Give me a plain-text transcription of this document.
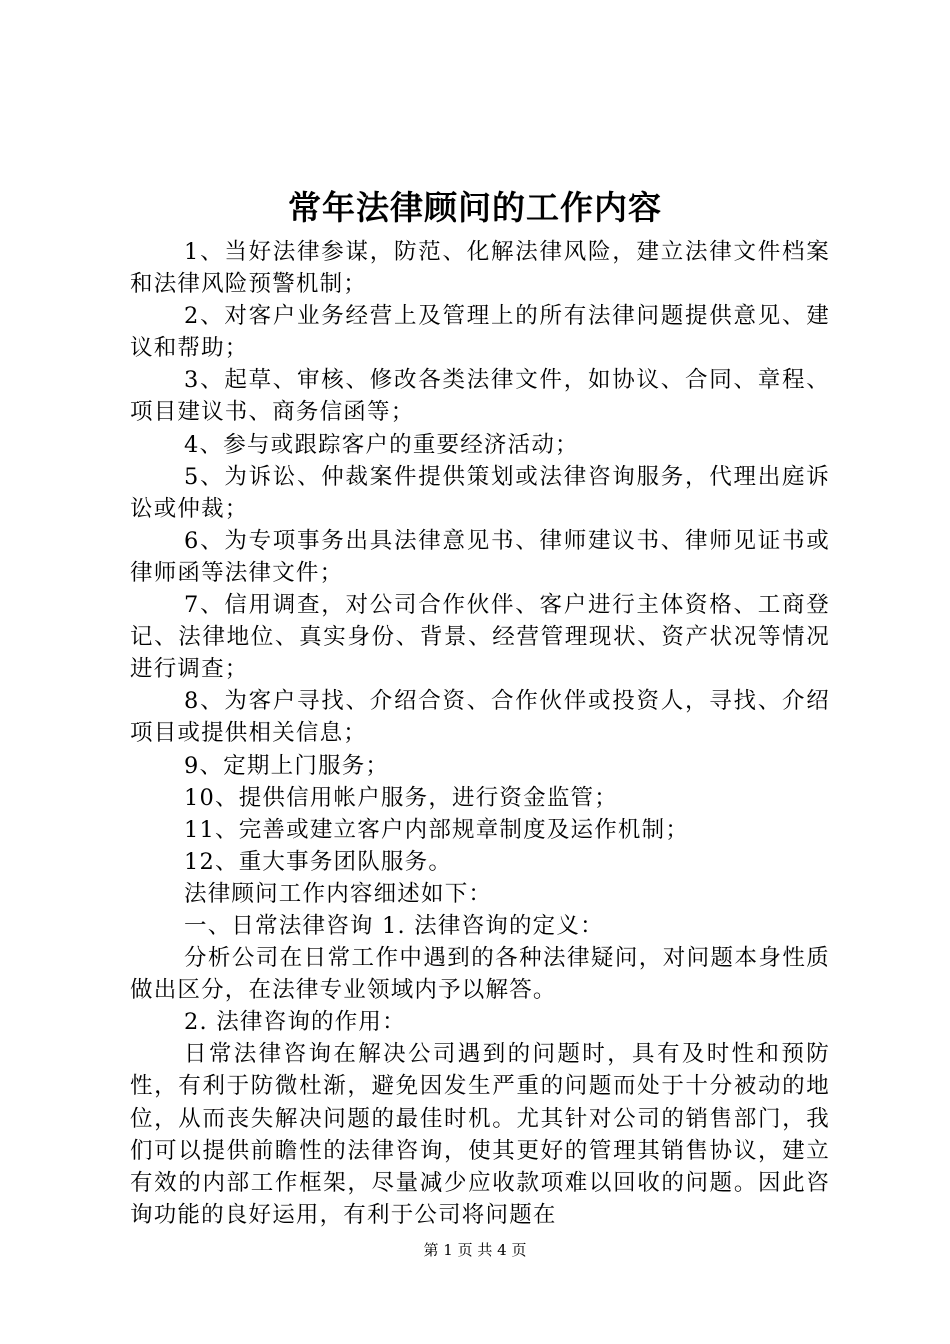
常年法律顾问的工作内容

1、当好法律参谋，防范、化解法律风险，建立法律文件档案和法律风险预警机制；

2、对客户业务经营上及管理上的所有法律问题提供意见、建议和帮助；

3、起草、审核、修改各类法律文件，如协议、合同、章程、项目建议书、商务信函等；

4、参与或跟踪客户的重要经济活动；

5、为诉讼、仲裁案件提供策划或法律咨询服务，代理出庭诉讼或仲裁；

6、为专项事务出具法律意见书、律师建议书、律师见证书或律师函等法律文件；

7、信用调查，对公司合作伙伴、客户进行主体资格、工商登记、法律地位、真实身份、背景、经营管理现状、资产状况等情况进行调查；

8、为客户寻找、介绍合资、合作伙伴或投资人，寻找、介绍项目或提供相关信息；

9、定期上门服务；

10、提供信用帐户服务，进行资金监管；

11、完善或建立客户内部规章制度及运作机制；

12、重大事务团队服务。

法律顾问工作内容细述如下：

一、日常法律咨询 1. 法律咨询的定义：

分析公司在日常工作中遇到的各种法律疑问，对问题本身性质做出区分，在法律专业领域内予以解答。

2. 法律咨询的作用：

日常法律咨询在解决公司遇到的问题时，具有及时性和预防性，有利于防微杜渐，避免因发生严重的问题而处于十分被动的地位，从而丧失解决问题的最佳时机。尤其针对公司的销售部门，我们可以提供前瞻性的法律咨询，使其更好的管理其销售协议，建立有效的内部工作框架，尽量减少应收款项难以回收的问题。因此咨询功能的良好运用，有利于公司将问题在

第 1 页 共 4 页
